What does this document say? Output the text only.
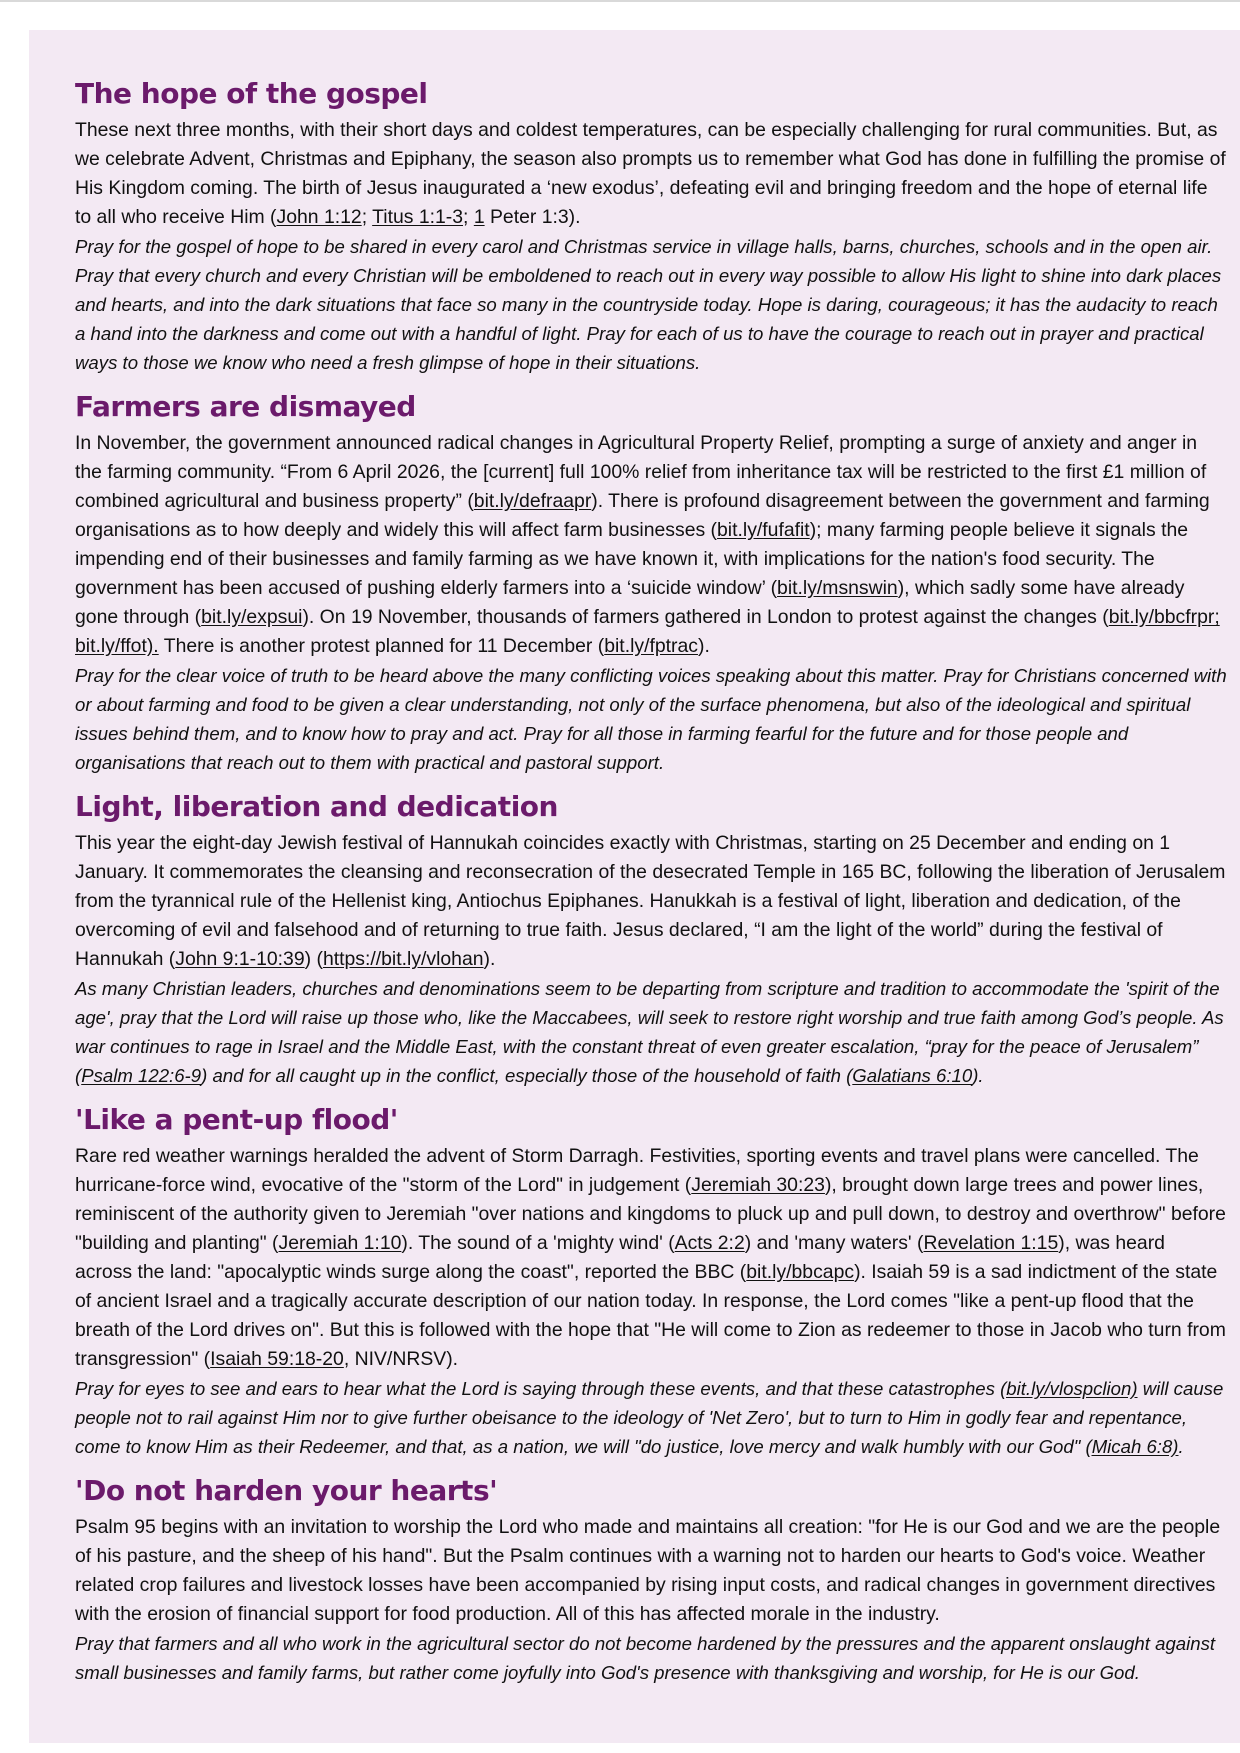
The hope of the gospel

These next three months, with their short days and coldest temperatures, can be especially challenging for rural communities. But, as we celebrate Advent, Christmas and Epiphany, the season also prompts us to remember what God has done in fulfilling the promise of His Kingdom coming. The birth of Jesus inaugurated a ‘new exodus’, defeating evil and bringing freedom and the hope of eternal life to all who receive Him (John 1:12; Titus 1:1-3; 1 Peter 1:3).

Pray for the gospel of hope to be shared in every carol and Christmas service in village halls, barns, churches, schools and in the open air. Pray that every church and every Christian will be emboldened to reach out in every way possible to allow His light to shine into dark places and hearts, and into the dark situations that face so many in the countryside today. Hope is daring, courageous; it has the audacity to reach a hand into the darkness and come out with a handful of light. Pray for each of us to have the courage to reach out in prayer and practical ways to those we know who need a fresh glimpse of hope in their situations.

Farmers are dismayed

In November, the government announced radical changes in Agricultural Property Relief, prompting a surge of anxiety and anger in the farming community. “From 6 April 2026, the [current] full 100% relief from inheritance tax will be restricted to the first £1 million of combined agricultural and business property” (bit.ly/defraapr). There is profound disagreement between the government and farming organisations as to how deeply and widely this will affect farm businesses (bit.ly/fufafit); many farming people believe it signals the impending end of their businesses and family farming as we have known it, with implications for the nation's food security. The government has been accused of pushing elderly farmers into a ‘suicide window’ (bit.ly/msnswin), which sadly some have already gone through (bit.ly/expsui). On 19 November, thousands of farmers gathered in London to protest against the changes (bit.ly/bbcfrpr; bit.ly/ffot). There is another protest planned for 11 December (bit.ly/fptrac).

Pray for the clear voice of truth to be heard above the many conflicting voices speaking about this matter. Pray for Christians concerned with or about farming and food to be given a clear understanding, not only of the surface phenomena, but also of the ideological and spiritual issues behind them, and to know how to pray and act. Pray for all those in farming fearful for the future and for those people and organisations that reach out to them with practical and pastoral support.

Light, liberation and dedication

This year the eight-day Jewish festival of Hannukah coincides exactly with Christmas, starting on 25 December and ending on 1 January. It commemorates the cleansing and reconsecration of the desecrated Temple in 165 BC, following the liberation of Jerusalem from the tyrannical rule of the Hellenist king, Antiochus Epiphanes. Hanukkah is a festival of light, liberation and dedication, of the overcoming of evil and falsehood and of returning to true faith. Jesus declared, “I am the light of the world” during the festival of Hannukah (John 9:1-10:39) (https://bit.ly/vlohan).

As many Christian leaders, churches and denominations seem to be departing from scripture and tradition to accommodate the 'spirit of the age', pray that the Lord will raise up those who, like the Maccabees, will seek to restore right worship and true faith among God’s people. As war continues to rage in Israel and the Middle East, with the constant threat of even greater escalation, “pray for the peace of Jerusalem” (Psalm 122:6-9) and for all caught up in the conflict, especially those of the household of faith (Galatians 6:10).

'Like a pent-up flood'

Rare red weather warnings heralded the advent of Storm Darragh. Festivities, sporting events and travel plans were cancelled. The hurricane-force wind, evocative of the "storm of the Lord" in judgement (Jeremiah 30:23), brought down large trees and power lines, reminiscent of the authority given to Jeremiah "over nations and kingdoms to pluck up and pull down, to destroy and overthrow" before "building and planting" (Jeremiah 1:10). The sound of a 'mighty wind' (Acts 2:2) and 'many waters' (Revelation 1:15), was heard across the land: "apocalyptic winds surge along the coast", reported the BBC (bit.ly/bbcapc). Isaiah 59 is a sad indictment of the state of ancient Israel and a tragically accurate description of our nation today. In response, the Lord comes "like a pent-up flood that the breath of the Lord drives on". But this is followed with the hope that "He will come to Zion as redeemer to those in Jacob who turn from transgression" (Isaiah 59:18-20, NIV/NRSV).

Pray for eyes to see and ears to hear what the Lord is saying through these events, and that these catastrophes (bit.ly/vlospclion) will cause people not to rail against Him nor to give further obeisance to the ideology of 'Net Zero', but to turn to Him in godly fear and repentance, come to know Him as their Redeemer, and that, as a nation, we will "do justice, love mercy and walk humbly with our God" (Micah 6:8).

'Do not harden your hearts'

Psalm 95 begins with an invitation to worship the Lord who made and maintains all creation: "for He is our God and we are the people of his pasture, and the sheep of his hand". But the Psalm continues with a warning not to harden our hearts to God's voice. Weather related crop failures and livestock losses have been accompanied by rising input costs, and radical changes in government directives with the erosion of financial support for food production. All of this has affected morale in the industry.

Pray that farmers and all who work in the agricultural sector do not become hardened by the pressures and the apparent onslaught against small businesses and family farms, but rather come joyfully into God's presence with thanksgiving and worship, for He is our God.
